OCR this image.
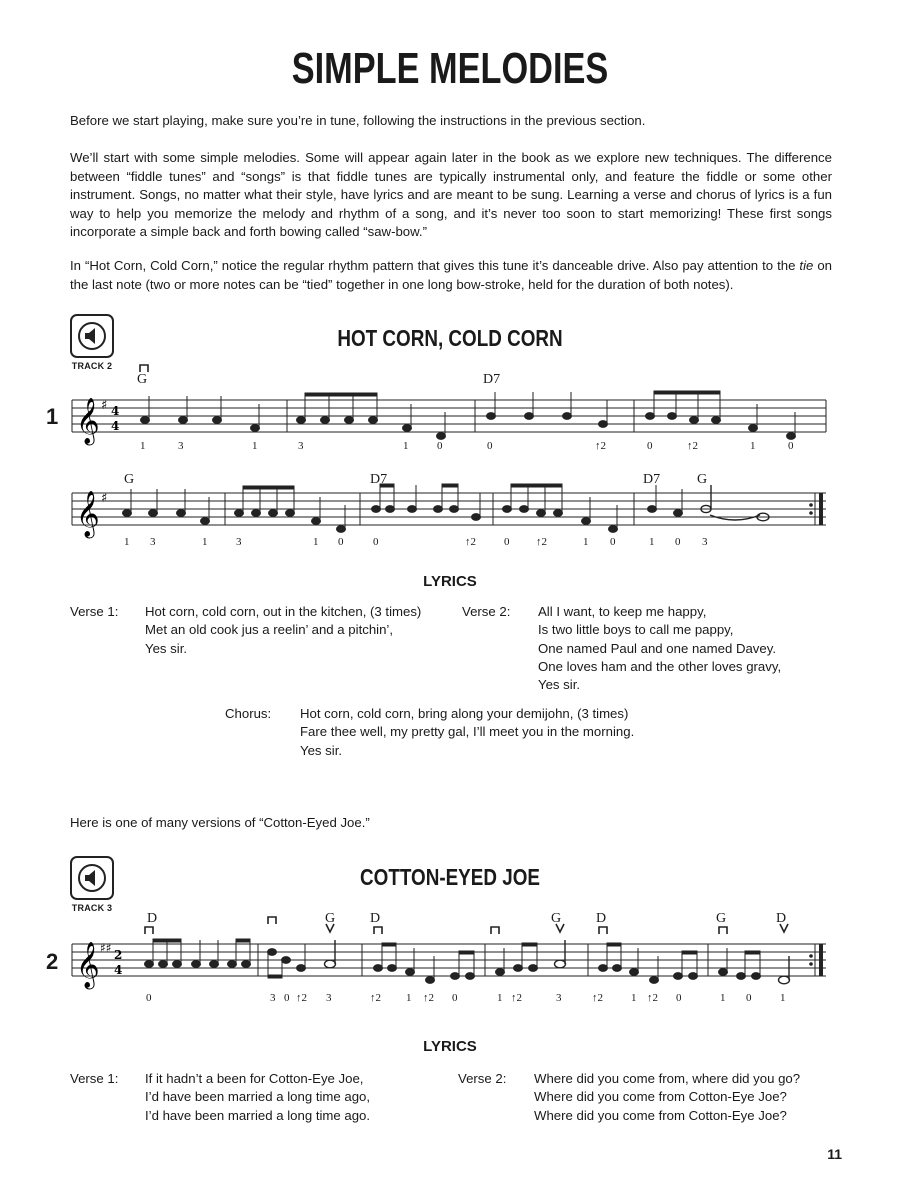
SIMPLE MELODIES
Before we start playing, make sure you’re in tune, following the instructions in the previous section.
We’ll start with some simple melodies. Some will appear again later in the book as we explore new techniques. The difference between “fiddle tunes” and “songs” is that fiddle tunes are typically instrumental only, and feature the fiddle or some other instrument. Songs, no matter what their style, have lyrics and are meant to be sung. Learning a verse and chorus of lyrics is a fun way to help you memorize the melody and rhythm of a song, and it’s never too soon to start memorizing! These first songs incorporate a simple back and forth bowing called “saw-bow.”
In “Hot Corn, Cold Corn,” notice the regular rhythm pattern that gives this tune it’s danceable drive. Also pay attention to the tie on the last note (two or more notes can be “tied” together in one long bow-stroke, held for the duration of both notes).
TRACK 2
HOT CORN, COLD CORN
1 𝄞 ♯ 4
4
G	D7
1	3	1	3	1	0	0	↑2	0	↑2	1	0
𝄞 ♯
G	D7	D7	G
1 3	1	3	1 0	0	↑2	0 ↑2	1 0	1 0 3
LYRICS
Verse 1: Hot corn, cold corn, out in the kitchen, (3 times)
Met an old cook jus a reelin’ and a pitchin’,
Yes sir.
Verse 2: All I want, to keep me happy,
Is two little boys to call me pappy,
One named Paul and one named Davey.
One loves ham and the other loves gravy,
Yes sir.
Chorus: Hot corn, cold corn, bring along your demijohn, (3 times)
Fare thee well, my pretty gal, I’ll meet you in the morning.
Yes sir.
Here is one of many versions of “Cotton-Eyed Joe.”
TRACK 3
COTTON-EYED JOE
2 𝄞 ♯♯ 2
4
D	G D	G D	G	D
0	3 0 ↑2 3	↑2 1 ↑2 0	1 ↑2	3	↑2	1 ↑2 0	1 0	1
LYRICS
Verse 1: If it hadn’t a been for Cotton-Eye Joe,
I’d have been married a long time ago,
I’d have been married a long time ago.
Verse 2: Where did you come from, where did you go?
Where did you come from Cotton-Eye Joe?
Where did you come from Cotton-Eye Joe?
11
